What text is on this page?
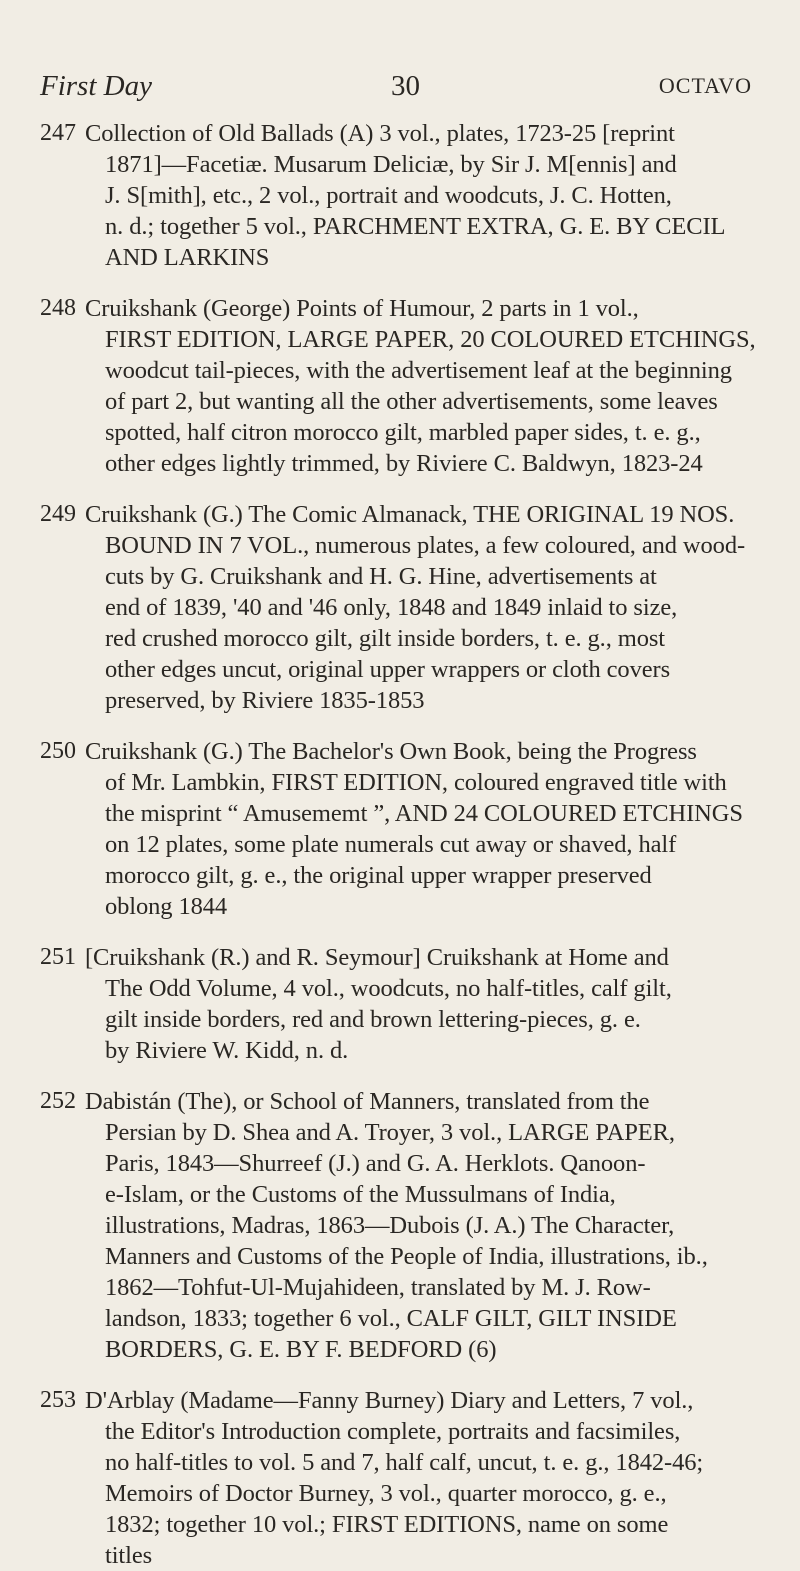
First Day	30	OCTAVO
247 Collection of Old Ballads (A) 3 vol., plates, 1723-25 [reprint
1871]—Facetiæ. Musarum Deliciæ, by Sir J. M[ennis] and
J. S[mith], etc., 2 vol., portrait and woodcuts, J. C. Hotten,
n. d.; together 5 vol., PARCHMENT EXTRA, G. E. BY CECIL
AND LARKINS
248 Cruikshank (George) Points of Humour, 2 parts in 1 vol.,
FIRST EDITION, LARGE PAPER, 20 COLOURED ETCHINGS,
woodcut tail-pieces, with the advertisement leaf at the beginning
of part 2, but wanting all the other advertisements, some leaves
spotted, half citron morocco gilt, marbled paper sides, t. e. g.,
other edges lightly trimmed, by Riviere C. Baldwyn, 1823-24
249 Cruikshank (G.) The Comic Almanack, THE ORIGINAL 19 NOS.
BOUND IN 7 VOL., numerous plates, a few coloured, and wood-
cuts by G. Cruikshank and H. G. Hine, advertisements at
end of 1839, '40 and '46 only, 1848 and 1849 inlaid to size,
red crushed morocco gilt, gilt inside borders, t. e. g., most
other edges uncut, original upper wrappers or cloth covers
preserved, by Riviere 1835-1853
250 Cruikshank (G.) The Bachelor's Own Book, being the Progress
of Mr. Lambkin, FIRST EDITION, coloured engraved title with
the misprint “ Amusememt ”, AND 24 COLOURED ETCHINGS
on 12 plates, some plate numerals cut away or shaved, half
morocco gilt, g. e., the original upper wrapper preserved
oblong 1844
251 [Cruikshank (R.) and R. Seymour] Cruikshank at Home and
The Odd Volume, 4 vol., woodcuts, no half-titles, calf gilt,
gilt inside borders, red and brown lettering-pieces, g. e.
by Riviere W. Kidd, n. d.
252 Dabistán (The), or School of Manners, translated from the
Persian by D. Shea and A. Troyer, 3 vol., LARGE PAPER,
Paris, 1843—Shurreef (J.) and G. A. Herklots. Qanoon-
e-Islam, or the Customs of the Mussulmans of India,
illustrations, Madras, 1863—Dubois (J. A.) The Character,
Manners and Customs of the People of India, illustrations, ib.,
1862—Tohfut-Ul-Mujahideen, translated by M. J. Row-
landson, 1833; together 6 vol., CALF GILT, GILT INSIDE
BORDERS, G. E. BY F. BEDFORD (6)
253 D'Arblay (Madame—Fanny Burney) Diary and Letters, 7 vol.,
the Editor's Introduction complete, portraits and facsimiles,
no half-titles to vol. 5 and 7, half calf, uncut, t. e. g., 1842-46;
Memoirs of Doctor Burney, 3 vol., quarter morocco, g. e.,
1832; together 10 vol.; FIRST EDITIONS, name on some
titles
